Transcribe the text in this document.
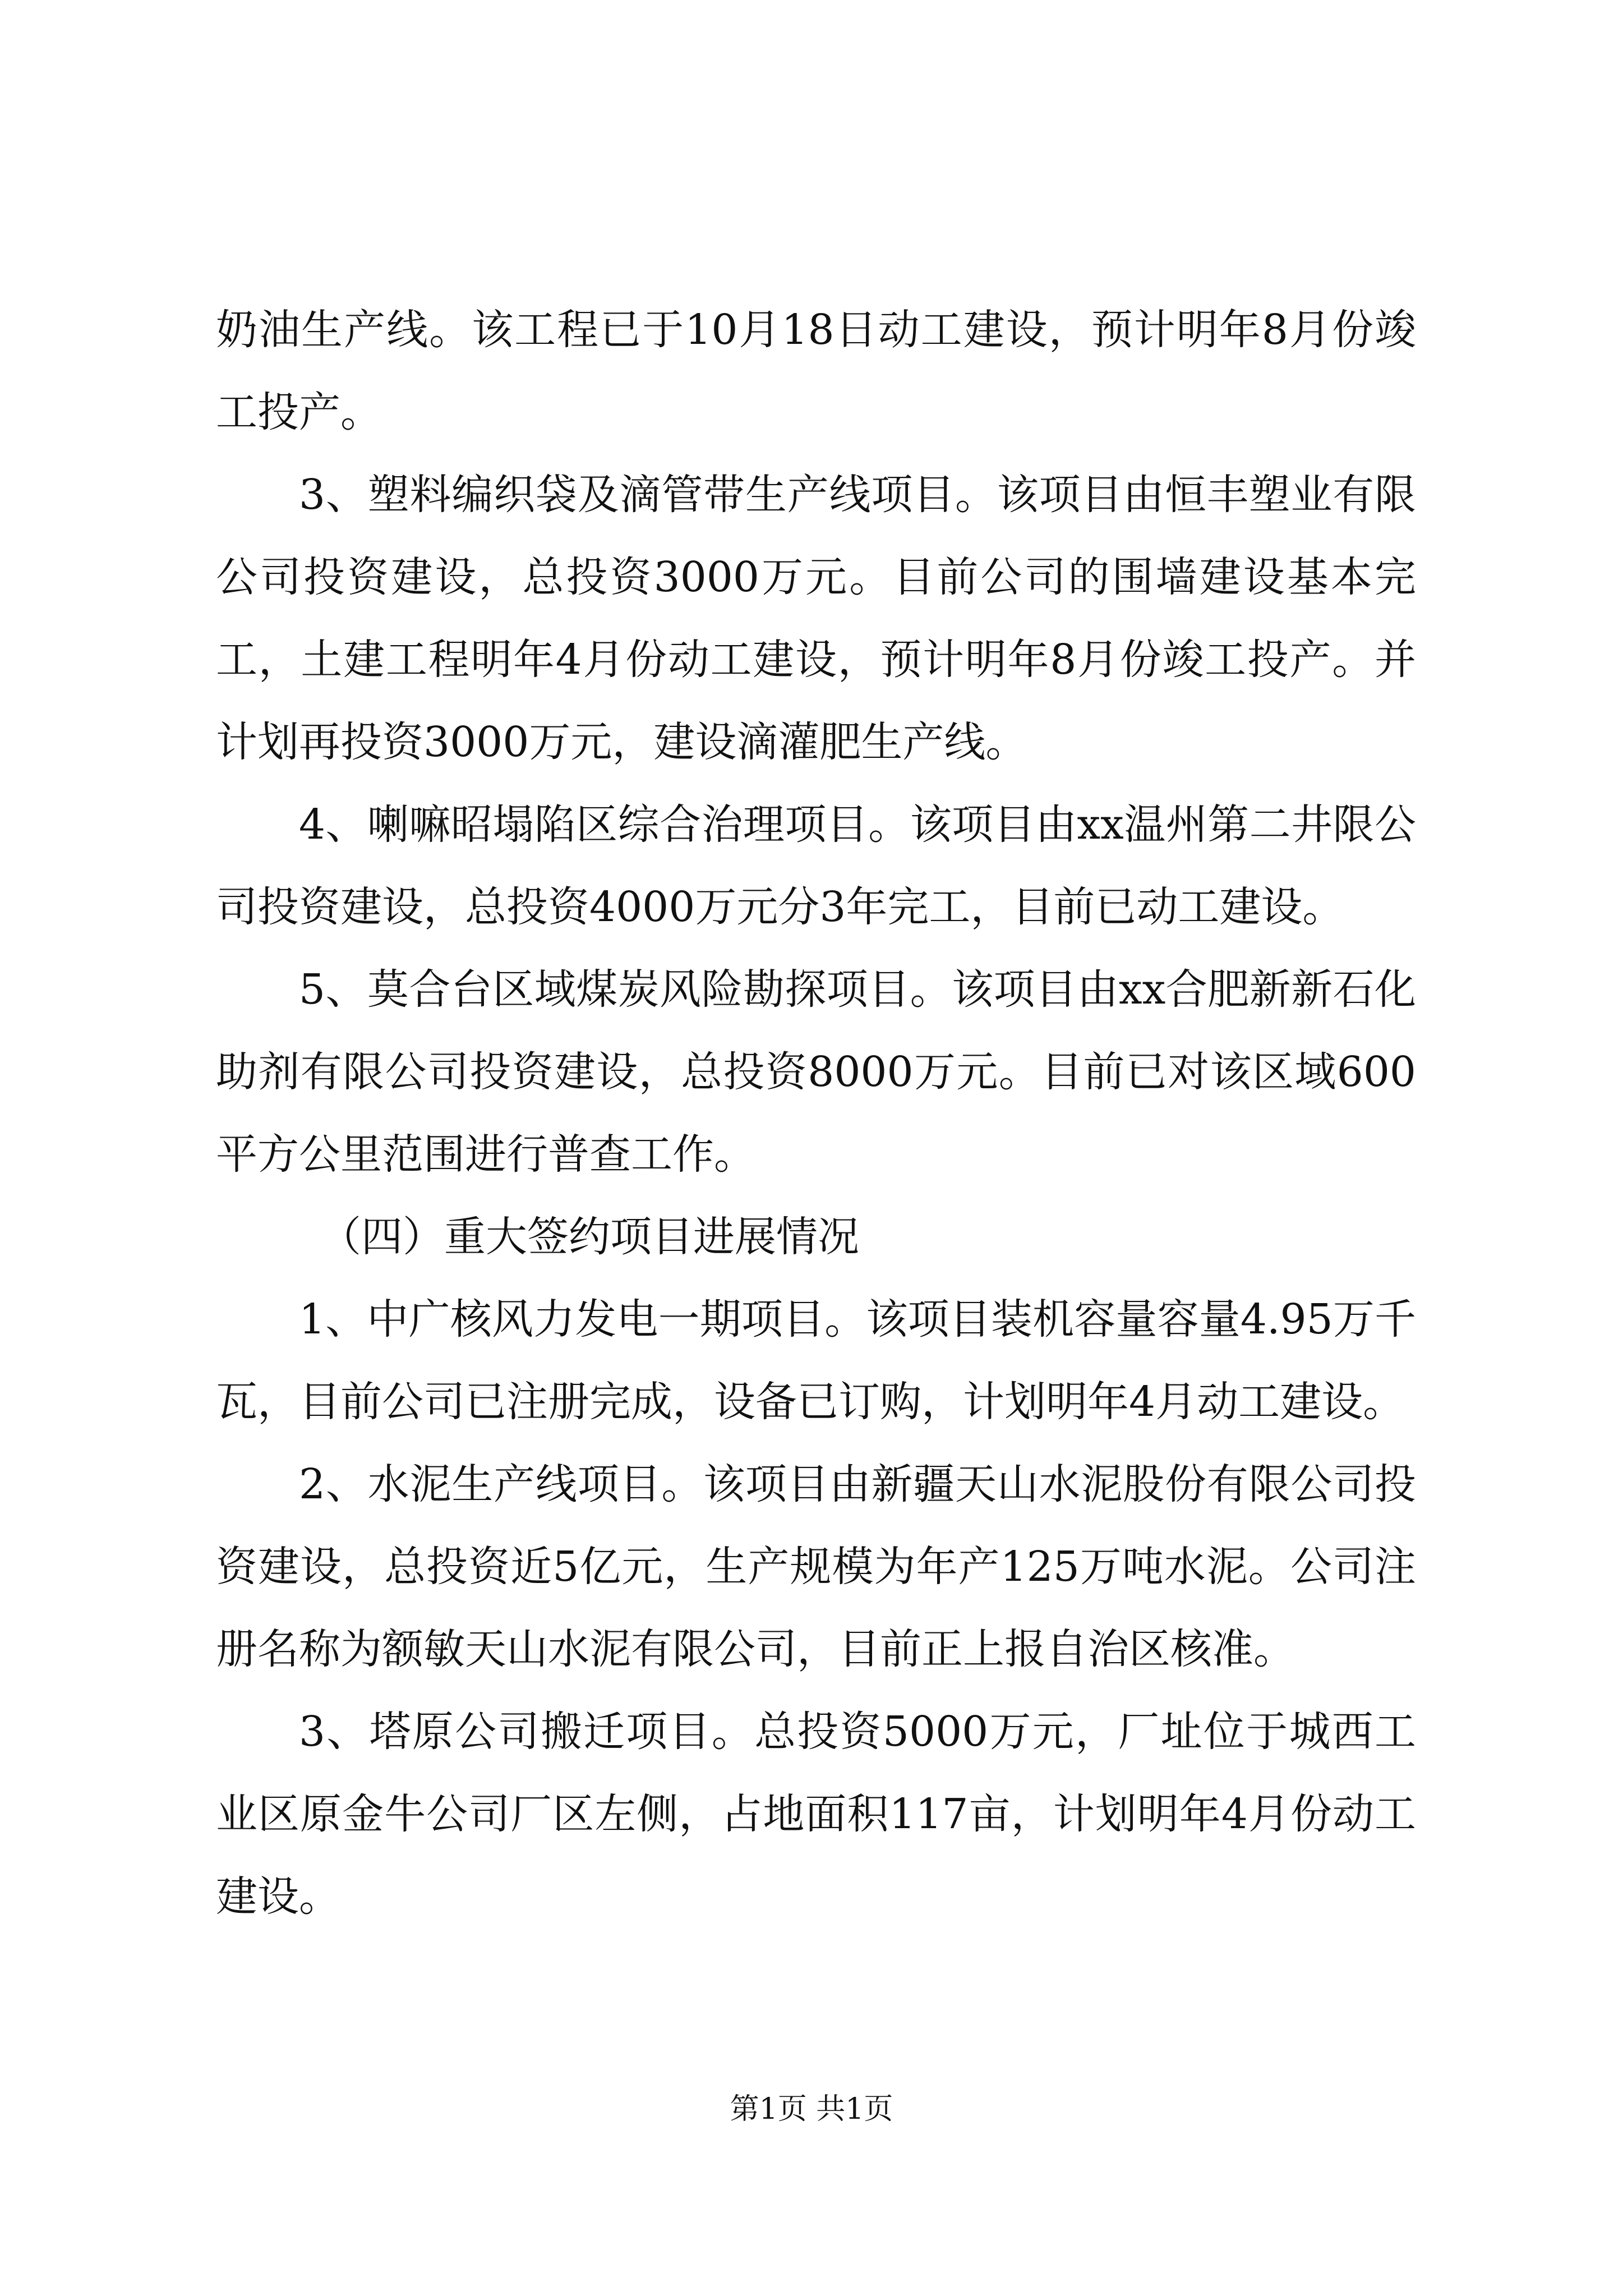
奶油生产线。该工程已于10月18日动工建设，预计明年8月份竣工投产。

3、塑料编织袋及滴管带生产线项目。该项目由恒丰塑业有限公司投资建设，总投资3000万元。目前公司的围墙建设基本完工，土建工程明年4月份动工建设，预计明年8月份竣工投产。并计划再投资3000万元，建设滴灌肥生产线。

4、喇嘛昭塌陷区综合治理项目。该项目由xx温州第二井限公司投资建设，总投资4000万元分3年完工，目前已动工建设。

5、莫合台区域煤炭风险勘探项目。该项目由xx合肥新新石化助剂有限公司投资建设，总投资8000万元。目前已对该区域600平方公里范围进行普查工作。

（四）重大签约项目进展情况

1、中广核风力发电一期项目。该项目装机容量容量4.95万千瓦，目前公司已注册完成，设备已订购，计划明年4月动工建设。

2、水泥生产线项目。该项目由新疆天山水泥股份有限公司投资建设，总投资近5亿元，生产规模为年产125万吨水泥。公司注册名称为额敏天山水泥有限公司，目前正上报自治区核准。

3、塔原公司搬迁项目。总投资5000万元，厂址位于城西工业区原金牛公司厂区左侧，占地面积117亩，计划明年4月份动工建设。

第1页 共1页
